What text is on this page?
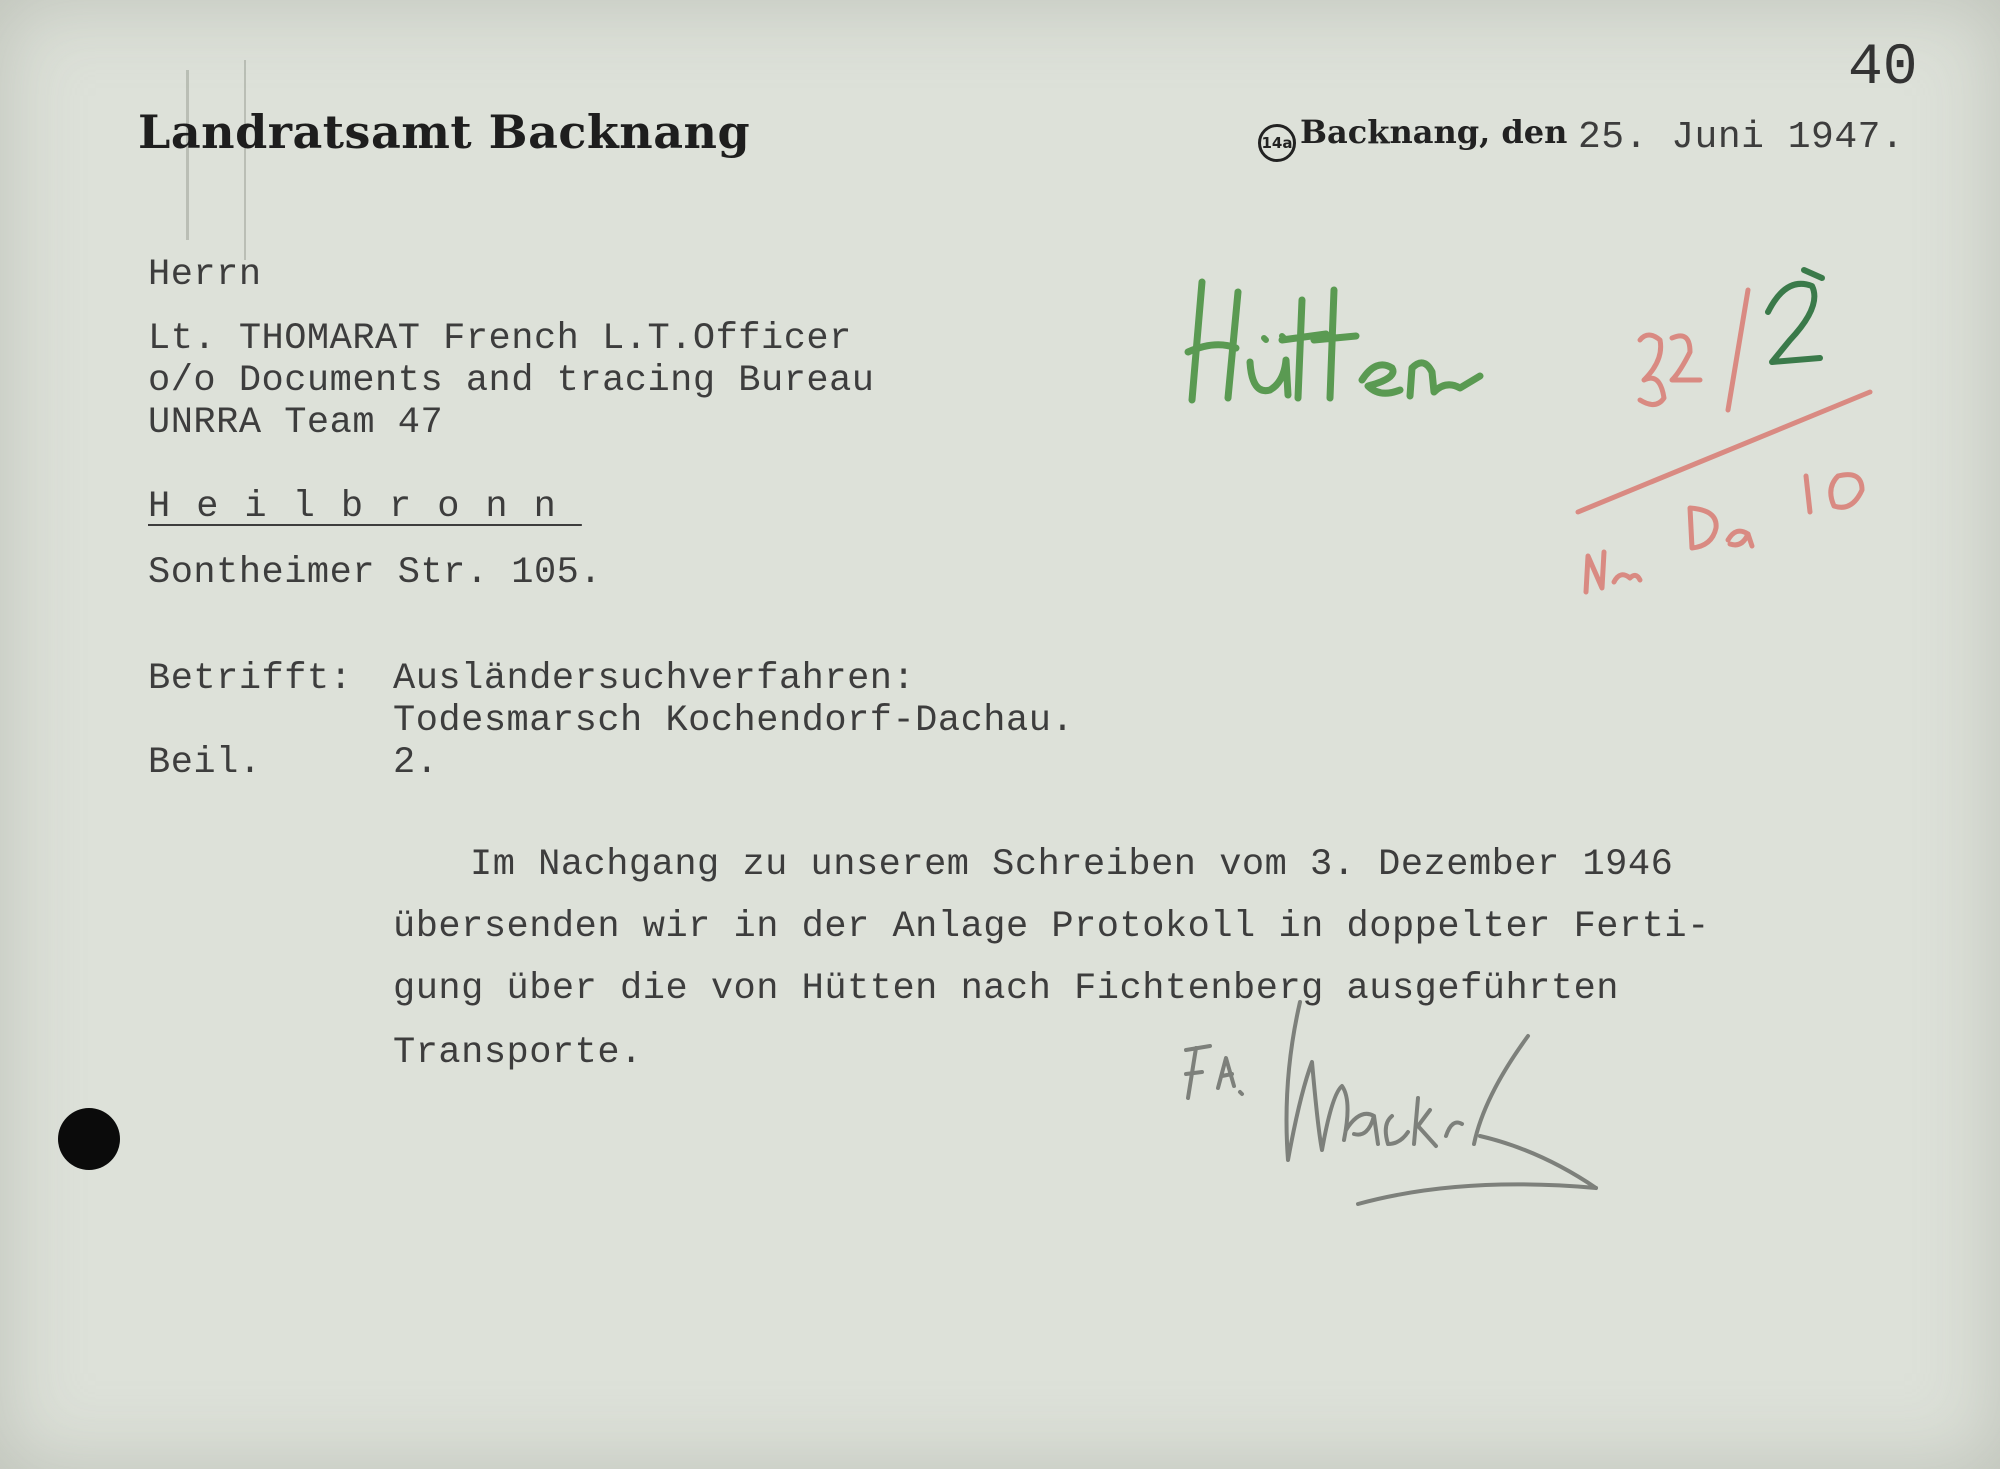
40
Landratsamt Backnang	14a Backnang, den 25. Juni 1947.
Herrn
Lt. THOMARAT French L.T.Officer
o/o Documents and tracing Bureau
UNRRA Team 47
Heilbronn
Sontheimer Str. 105.
Betrifft: Ausländersuchverfahren:
Todesmarsch Kochendorf-Dachau.
Beil.	2.
Im Nachgang zu unserem Schreiben vom 3. Dezember 1946
übersenden wir in der Anlage Protokoll in doppelter Ferti-
gung über die von Hütten nach Fichtenberg ausgeführten
Transporte.
